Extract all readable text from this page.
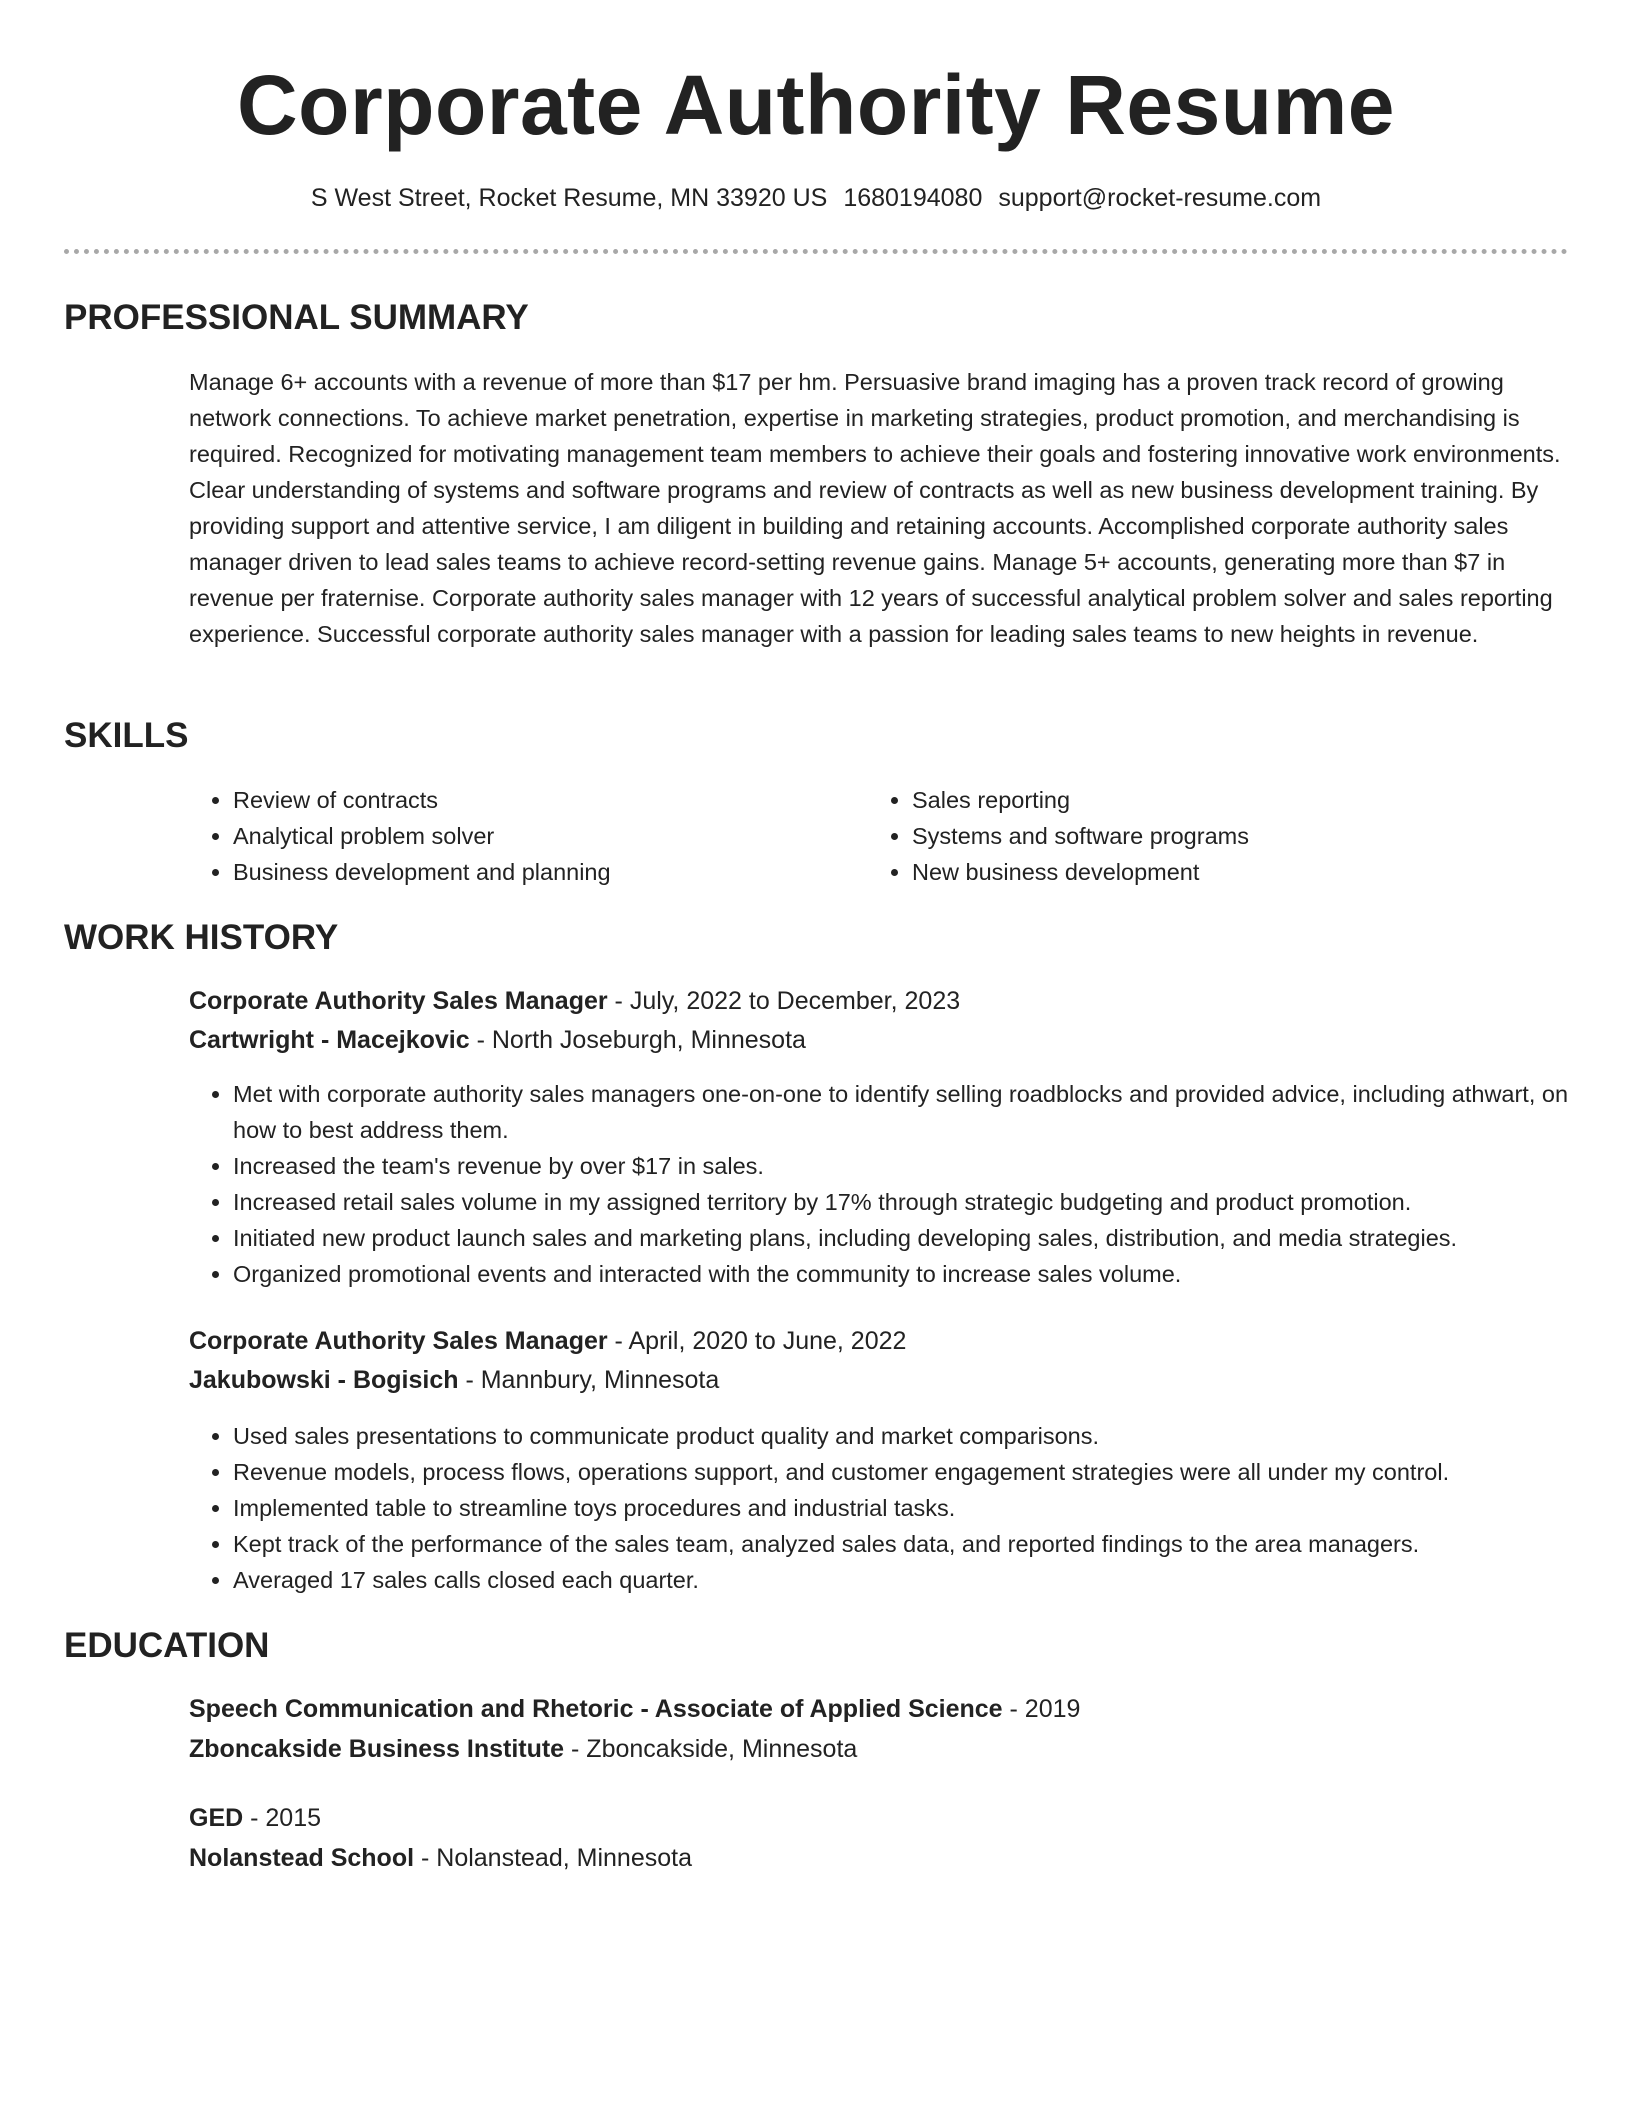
Corporate Authority Resume
S West Street, Rocket Resume, MN 33920 US 1680194080 support@rocket-resume.com
PROFESSIONAL SUMMARY

Manage 6+ accounts with a revenue of more than $17 per hm. Persuasive brand imaging has a proven track record of growing network connections. To achieve market penetration, expertise in marketing strategies, product promotion, and merchandising is required. Recognized for motivating management team members to achieve their goals and fostering innovative work environments. Clear understanding of systems and software programs and review of contracts as well as new business development training. By providing support and attentive service, I am diligent in building and retaining accounts. Accomplished corporate authority sales manager driven to lead sales teams to achieve record-setting revenue gains. Manage 5+ accounts, generating more than $7 in revenue per fraternise. Corporate authority sales manager with 12 years of successful analytical problem solver and sales reporting experience. Successful corporate authority sales manager with a passion for leading sales teams to new heights in revenue.

SKILLS
• Review of contracts
• Analytical problem solver
• Business development and planning
• Sales reporting
• Systems and software programs
• New business development
WORK HISTORY
Corporate Authority Sales Manager - July, 2022 to December, 2023
Cartwright - Macejkovic - North Joseburgh, Minnesota
• Met with corporate authority sales managers one-on-one to identify selling roadblocks and provided advice, including athwart, on how to best address them.
• Increased the team's revenue by over $17 in sales.
• Increased retail sales volume in my assigned territory by 17% through strategic budgeting and product promotion.
• Initiated new product launch sales and marketing plans, including developing sales, distribution, and media strategies.
• Organized promotional events and interacted with the community to increase sales volume.
Corporate Authority Sales Manager - April, 2020 to June, 2022
Jakubowski - Bogisich - Mannbury, Minnesota
• Used sales presentations to communicate product quality and market comparisons.
• Revenue models, process flows, operations support, and customer engagement strategies were all under my control.
• Implemented table to streamline toys procedures and industrial tasks.
• Kept track of the performance of the sales team, analyzed sales data, and reported findings to the area managers.
• Averaged 17 sales calls closed each quarter.
EDUCATION
Speech Communication and Rhetoric - Associate of Applied Science - 2019
Zboncakside Business Institute - Zboncakside, Minnesota
GED - 2015
Nolanstead School - Nolanstead, Minnesota
